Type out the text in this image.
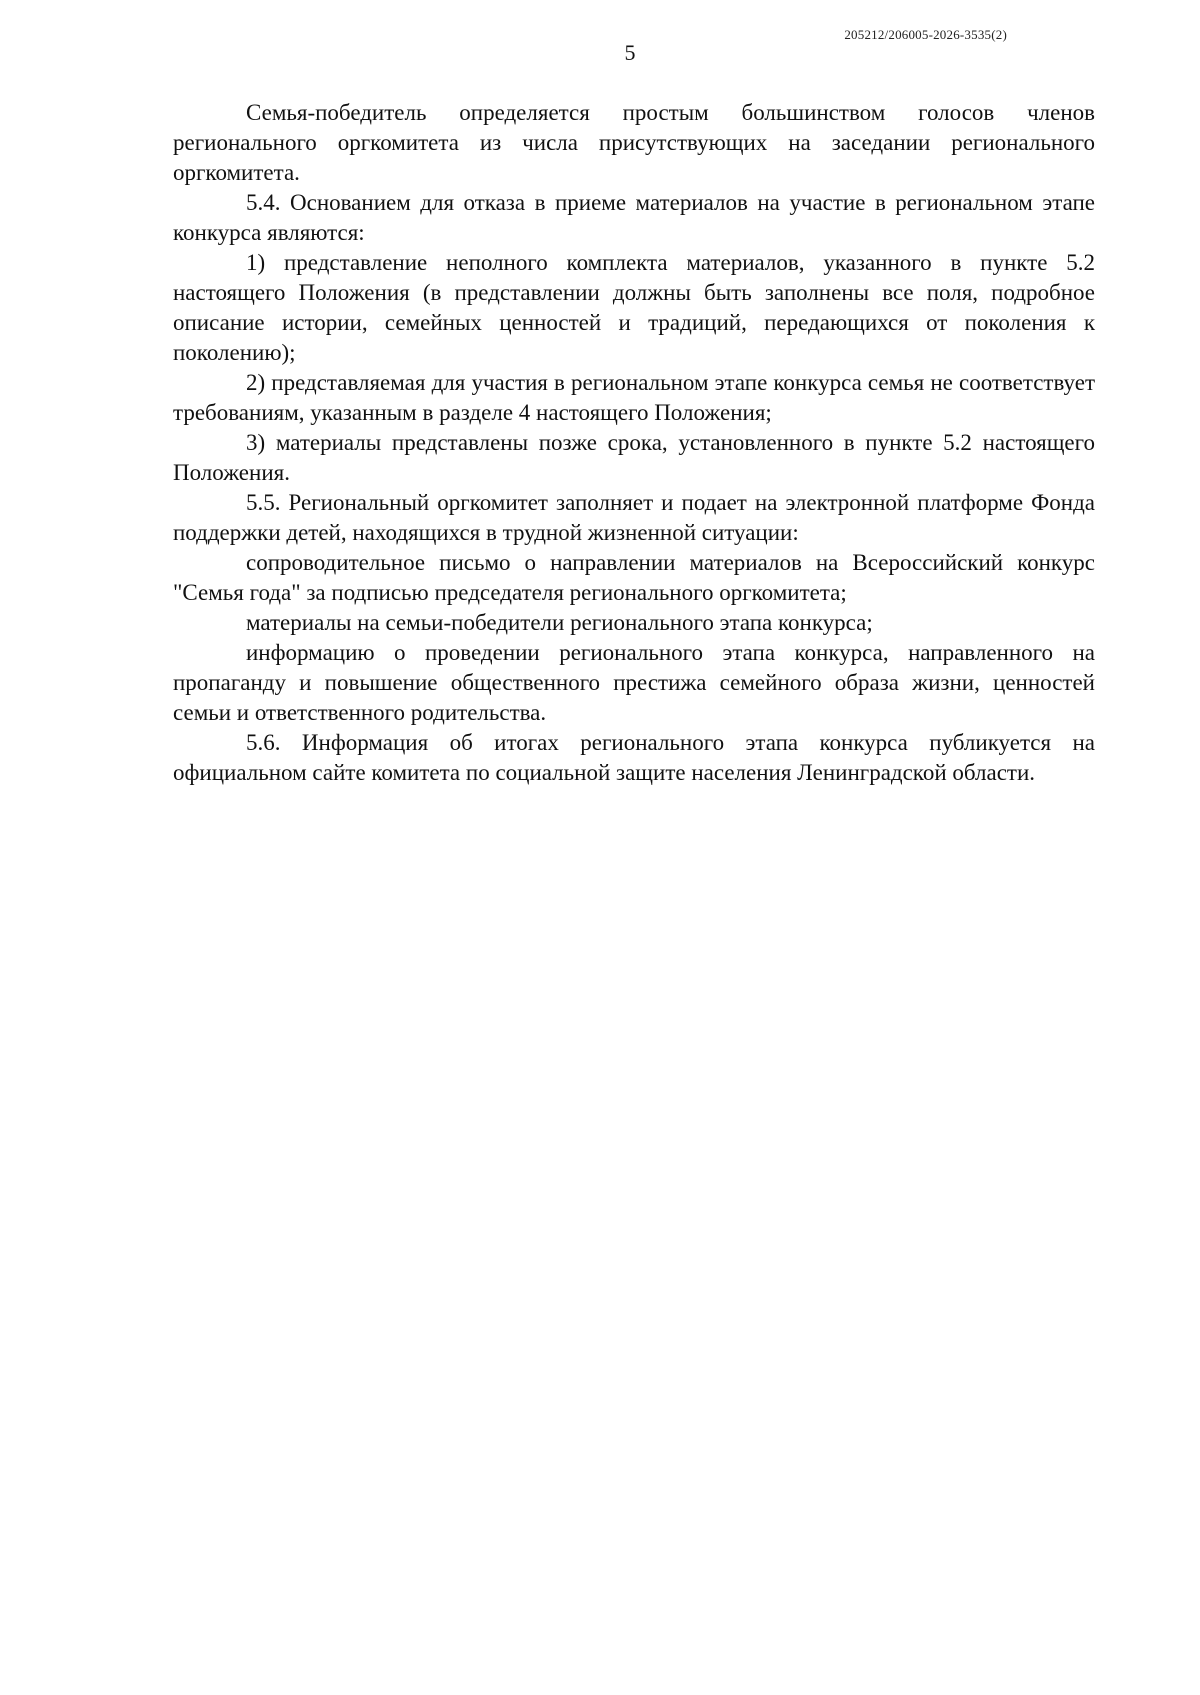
205212/206005-2026-3535(2)
5

Семья-победитель определяется простым большинством голосов членов регионального оргкомитета из числа присутствующих на заседании регионального оргкомитета.

5.4. Основанием для отказа в приеме материалов на участие в региональном этапе конкурса являются:

1) представление неполного комплекта материалов, указанного в пункте 5.2 настоящего Положения (в представлении должны быть заполнены все поля, подробное описание истории, семейных ценностей и традиций, передающихся от поколения к поколению);

2) представляемая для участия в региональном этапе конкурса семья не соответствует требованиям, указанным в разделе 4 настоящего Положения;

3) материалы представлены позже срока, установленного в пункте 5.2 настоящего Положения.

5.5. Региональный оргкомитет заполняет и подает на электронной платформе Фонда поддержки детей, находящихся в трудной жизненной ситуации:

сопроводительное письмо о направлении материалов на Всероссийский конкурс "Семья года" за подписью председателя регионального оргкомитета;

материалы на семьи-победители регионального этапа конкурса;

информацию о проведении регионального этапа конкурса, направленного на пропаганду и повышение общественного престижа семейного образа жизни, ценностей семьи и ответственного родительства.

5.6. Информация об итогах регионального этапа конкурса публикуется на официальном сайте комитета по социальной защите населения Ленинградской области.
